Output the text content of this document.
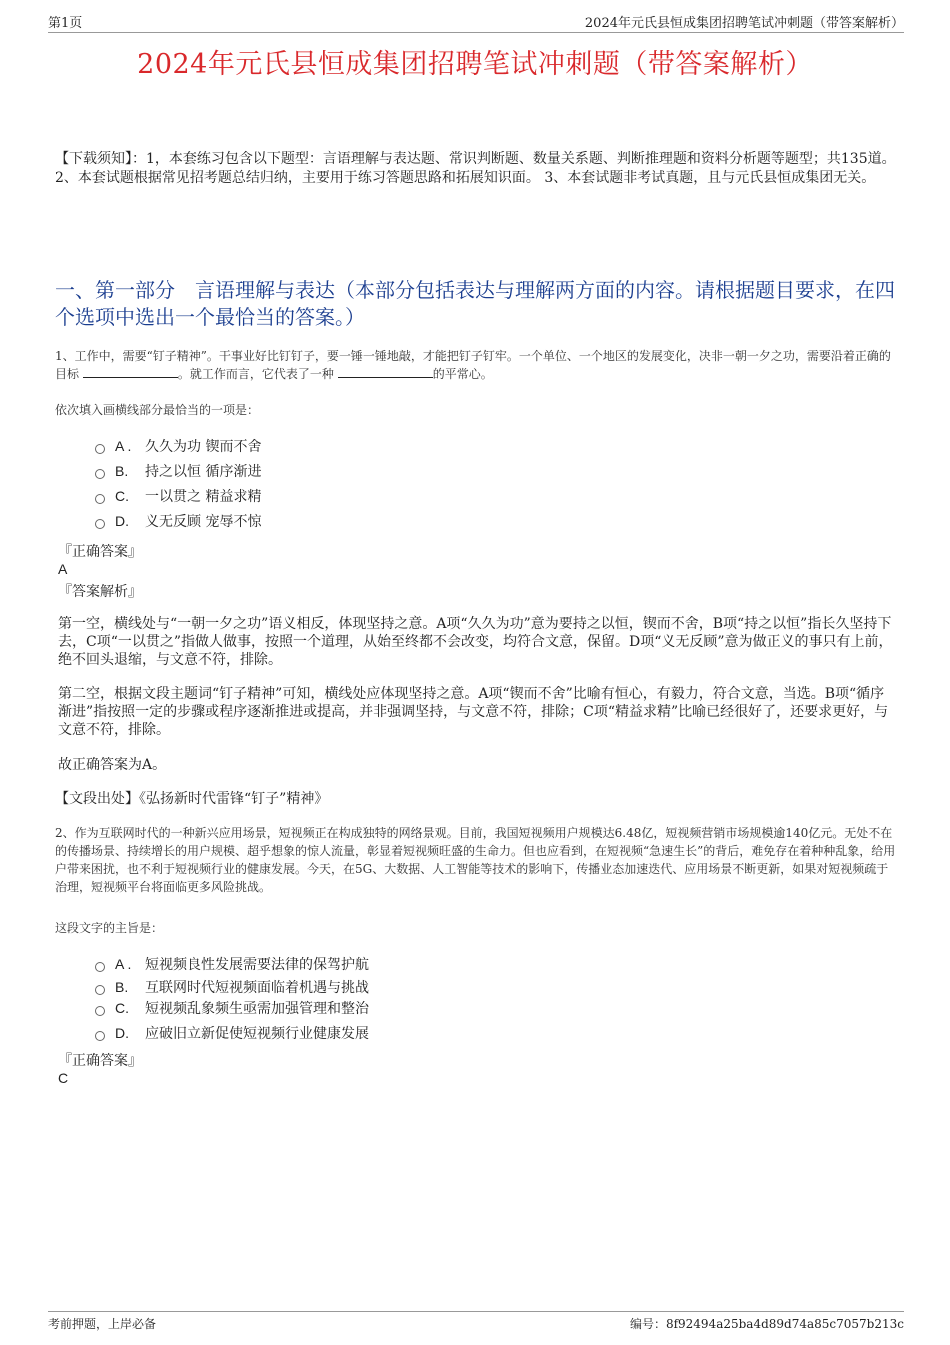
第1页	2024年元氏县恒成集团招聘笔试冲刺题（带答案解析）
2024年元氏县恒成集团招聘笔试冲刺题（带答案解析）
【下载须知】：1，本套练习包含以下题型：言语理解与表达题、常识判断题、数量关系题、判断推理题和资料分析题等题型；共135道。 2、本套试题根据常见招考题总结归纳，主要用于练习答题思路和拓展知识面。 3、本套试题非考试真题，且与元氏县恒成集团无关。
一、第一部分　言语理解与表达（本部分包括表达与理解两方面的内容。请根据题目要求，在四个选项中选出一个最恰当的答案。）
1、工作中，需要“钉子精神”。干事业好比钉钉子，要一锤一锤地敲，才能把钉子钉牢。一个单位、一个地区的发展变化，决非一朝一夕之功，需要沿着正确的目标	。就工作而言，它代表了一种	的平常心。
依次填入画横线部分最恰当的一项是：
A . 久久为功 锲而不舍
B.	持之以恒 循序渐进
C.	一以贯之 精益求精
D.	义无反顾 宠辱不惊
『正确答案』
A
『答案解析』
第一空，横线处与“一朝一夕之功”语义相反，体现坚持之意。A项“久久为功”意为要持之以恒，锲而不舍，B项“持之以恒”指长久坚持下去，C项“一以贯之”指做人做事，按照一个道理，从始至终都不会改变，均符合文意，保留。D项“义无反顾”意为做正义的事只有上前，绝不回头退缩，与文意不符，排除。
第二空，根据文段主题词“钉子精神”可知，横线处应体现坚持之意。A项“锲而不舍”比喻有恒心，有毅力，符合文意，当选。B项“循序渐进”指按照一定的步骤或程序逐渐推进或提高，并非强调坚持，与文意不符，排除；C项“精益求精”比喻已经很好了，还要求更好，与文意不符，排除。
故正确答案为A。
【文段出处】《弘扬新时代雷锋“钉子”精神》
2、作为互联网时代的一种新兴应用场景，短视频正在构成独特的网络景观。目前，我国短视频用户规模达6.48亿，短视频营销市场规模逾140亿元。无处不在的传播场景、持续增长的用户规模、超乎想象的惊人流量，彰显着短视频旺盛的生命力。但也应看到，在短视频“急速生长”的背后，难免存在着种种乱象，给用户带来困扰，也不利于短视频行业的健康发展。今天，在5G、大数据、人工智能等技术的影响下，传播业态加速迭代、应用场景不断更新，如果对短视频疏于治理，短视频平台将面临更多风险挑战。
这段文字的主旨是：
A . 短视频良性发展需要法律的保驾护航
B.	互联网时代短视频面临着机遇与挑战
C.	短视频乱象频生亟需加强管理和整治
D.	应破旧立新促使短视频行业健康发展
『正确答案』
C
考前押题，上岸必备	编号：8f92494a25ba4d89d74a85c7057b213c
